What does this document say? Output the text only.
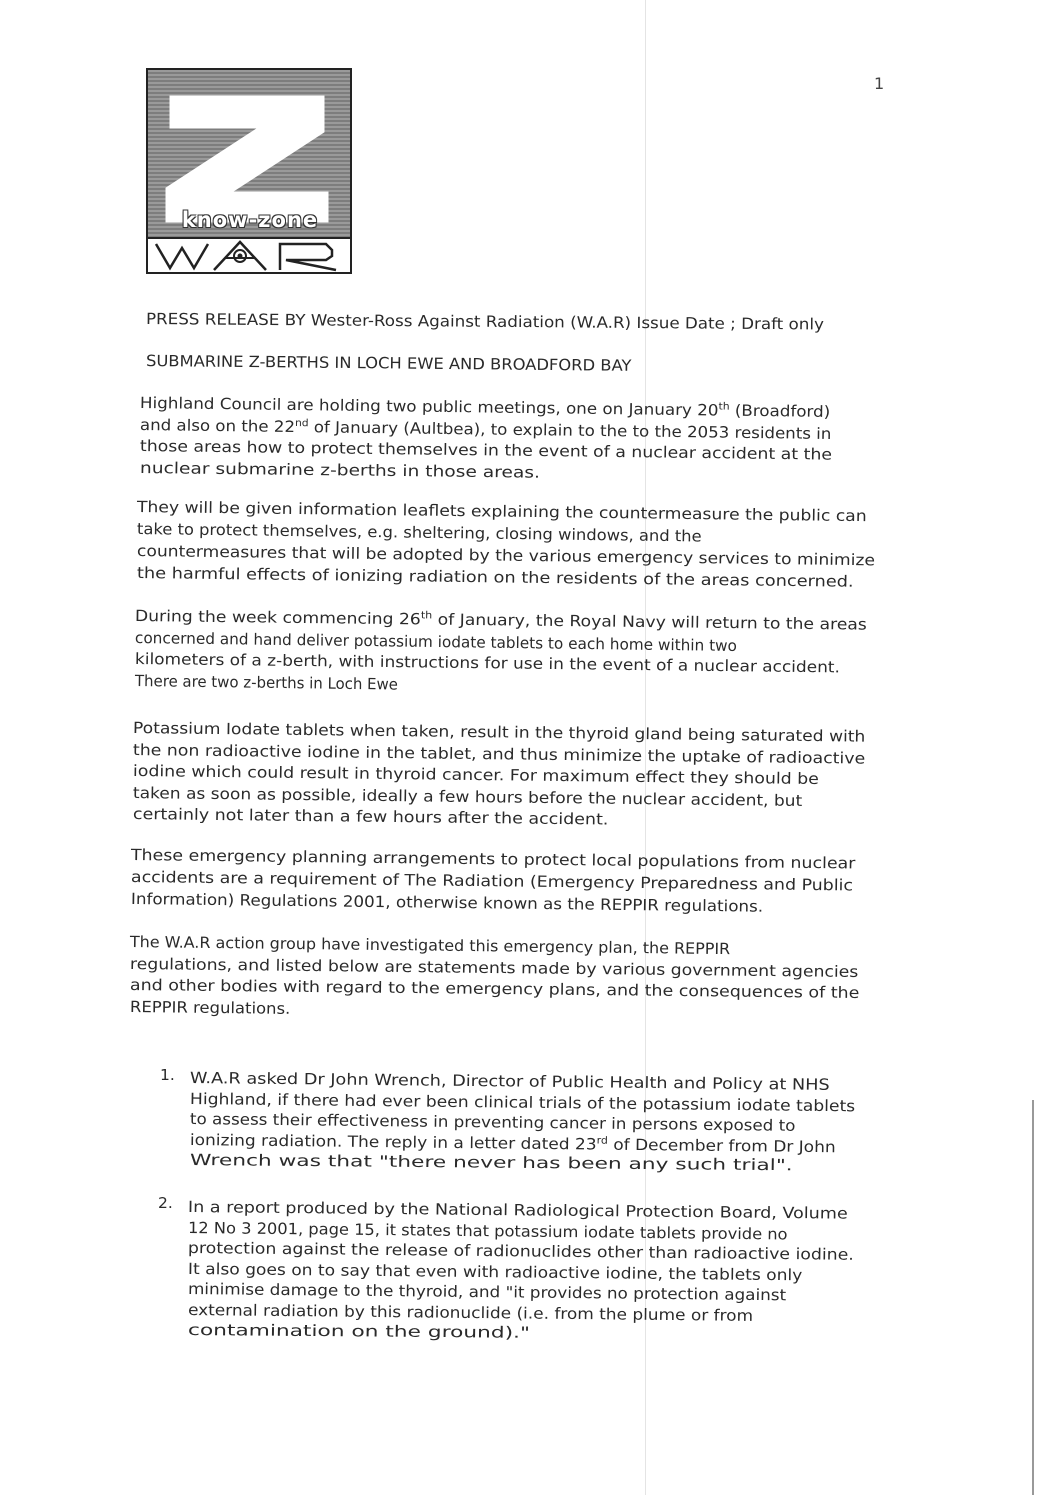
1
know-zone
PRESS RELEASE BY Wester-Ross Against Radiation (W.A.R) Issue Date ; Draft only
SUBMARINE Z-BERTHS IN LOCH EWE AND BROADFORD BAY
Highland Council are holding two public meetings, one on January 20th (Broadford)
and also on the 22nd of January (Aultbea), to explain to the to the 2053 residents in
those areas how to protect themselves in the event of a nuclear accident at the
nuclear submarine z-berths in those areas.
They will be given information leaflets explaining the countermeasure the public can
take to protect themselves, e.g. sheltering, closing windows, and the
countermeasures that will be adopted by the various emergency services to minimize
the harmful effects of ionizing radiation on the residents of the areas concerned.
During the week commencing 26th of January, the Royal Navy will return to the areas
concerned and hand deliver potassium iodate tablets to each home within two
kilometers of a z-berth, with instructions for use in the event of a nuclear accident.
There are two z-berths in Loch Ewe
Potassium Iodate tablets when taken, result in the thyroid gland being saturated with
the non radioactive iodine in the tablet, and thus minimize the uptake of radioactive
iodine which could result in thyroid cancer. For maximum effect they should be
taken as soon as possible, ideally a few hours before the nuclear accident, but
certainly not later than a few hours after the accident.
These emergency planning arrangements to protect local populations from nuclear
accidents are a requirement of The Radiation (Emergency Preparedness and Public
Information) Regulations 2001, otherwise known as the REPPIR regulations.
The W.A.R action group have investigated this emergency plan, the REPPIR
regulations, and listed below are statements made by various government agencies
and other bodies with regard to the emergency plans, and the consequences of the
REPPIR regulations.
1. W.A.R asked Dr John Wrench, Director of Public Health and Policy at NHS
Highland, if there had ever been clinical trials of the potassium iodate tablets
to assess their effectiveness in preventing cancer in persons exposed to
ionizing radiation. The reply in a letter dated 23rd of December from Dr John
Wrench was that "there never has been any such trial".
2. In a report produced by the National Radiological Protection Board, Volume
12 No 3 2001, page 15, it states that potassium iodate tablets provide no
protection against the release of radionuclides other than radioactive iodine.
It also goes on to say that even with radioactive iodine, the tablets only
minimise damage to the thyroid, and "it provides no protection against
external radiation by this radionuclide (i.e. from the plume or from
contamination on the ground)."
